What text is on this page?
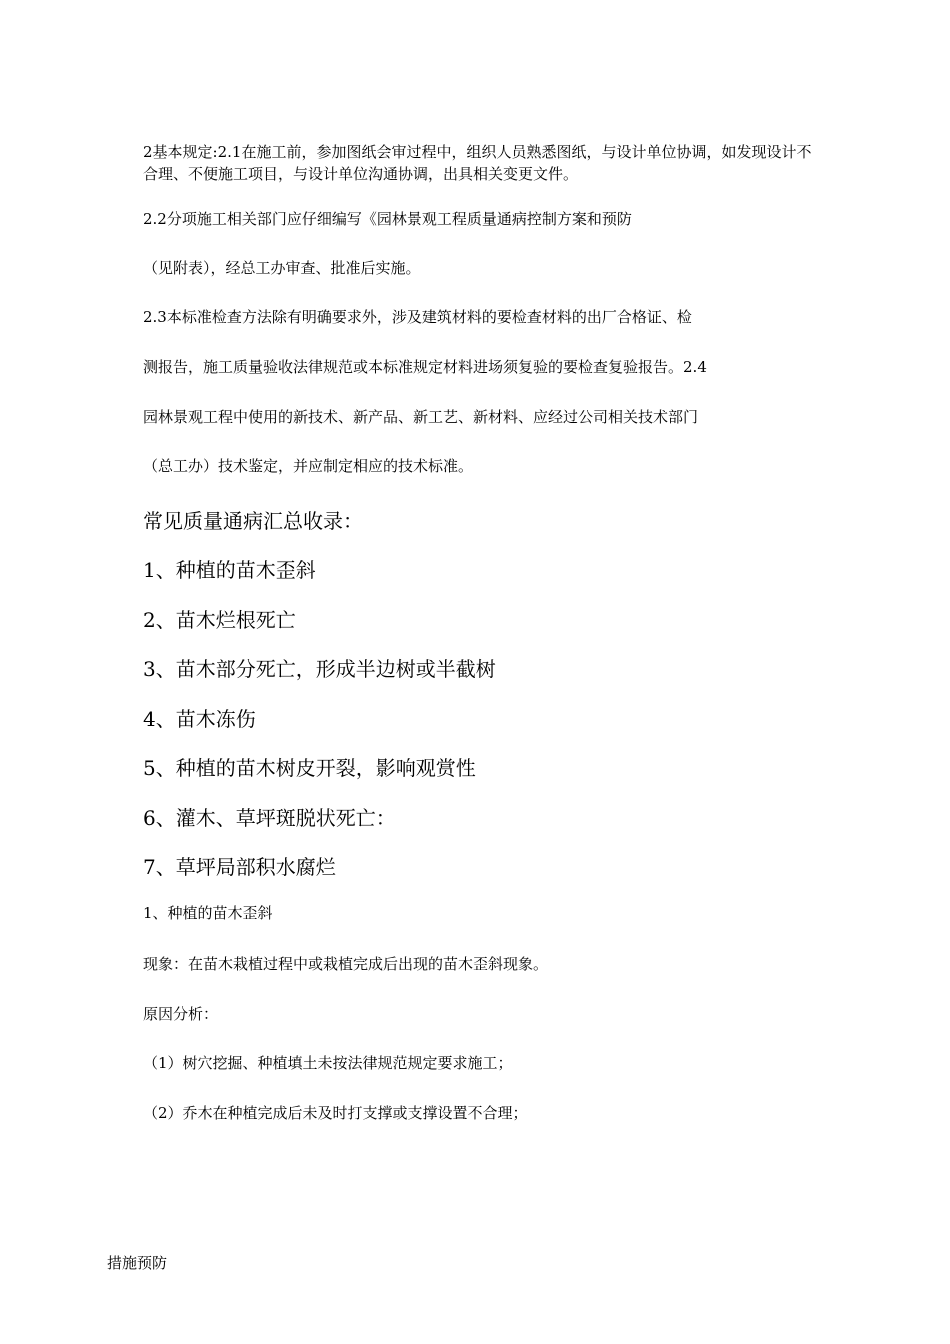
2基本规定:2.1在施工前，参加图纸会审过程中，组织人员熟悉图纸，与设计单位协调，如发现设计不合理、不便施工项目，与设计单位沟通协调，出具相关变更文件。

2.2分项施工相关部门应仔细编写《园林景观工程质量通病控制方案和预防

（见附表），经总工办审查、批准后实施。

2.3本标准检查方法除有明确要求外，涉及建筑材料的要检查材料的出厂合格证、检

测报告，施工质量验收法律规范或本标准规定材料进场须复验的要检查复验报告。2.4

园林景观工程中使用的新技术、新产品、新工艺、新材料、应经过公司相关技术部门

（总工办）技术鉴定，并应制定相应的技术标准。

常见质量通病汇总收录：

1、种植的苗木歪斜

2、苗木烂根死亡

3、苗木部分死亡，形成半边树或半截树

4、苗木冻伤

5、种植的苗木树皮开裂，影响观赏性

6、灌木、草坪斑脱状死亡：

7、草坪局部积水腐烂

1、种植的苗木歪斜

现象：在苗木栽植过程中或栽植完成后出现的苗木歪斜现象。

原因分析：

（1）树穴挖掘、种植填土未按法律规范规定要求施工；

（2）乔木在种植完成后未及时打支撑或支撑设置不合理；

措施预防
